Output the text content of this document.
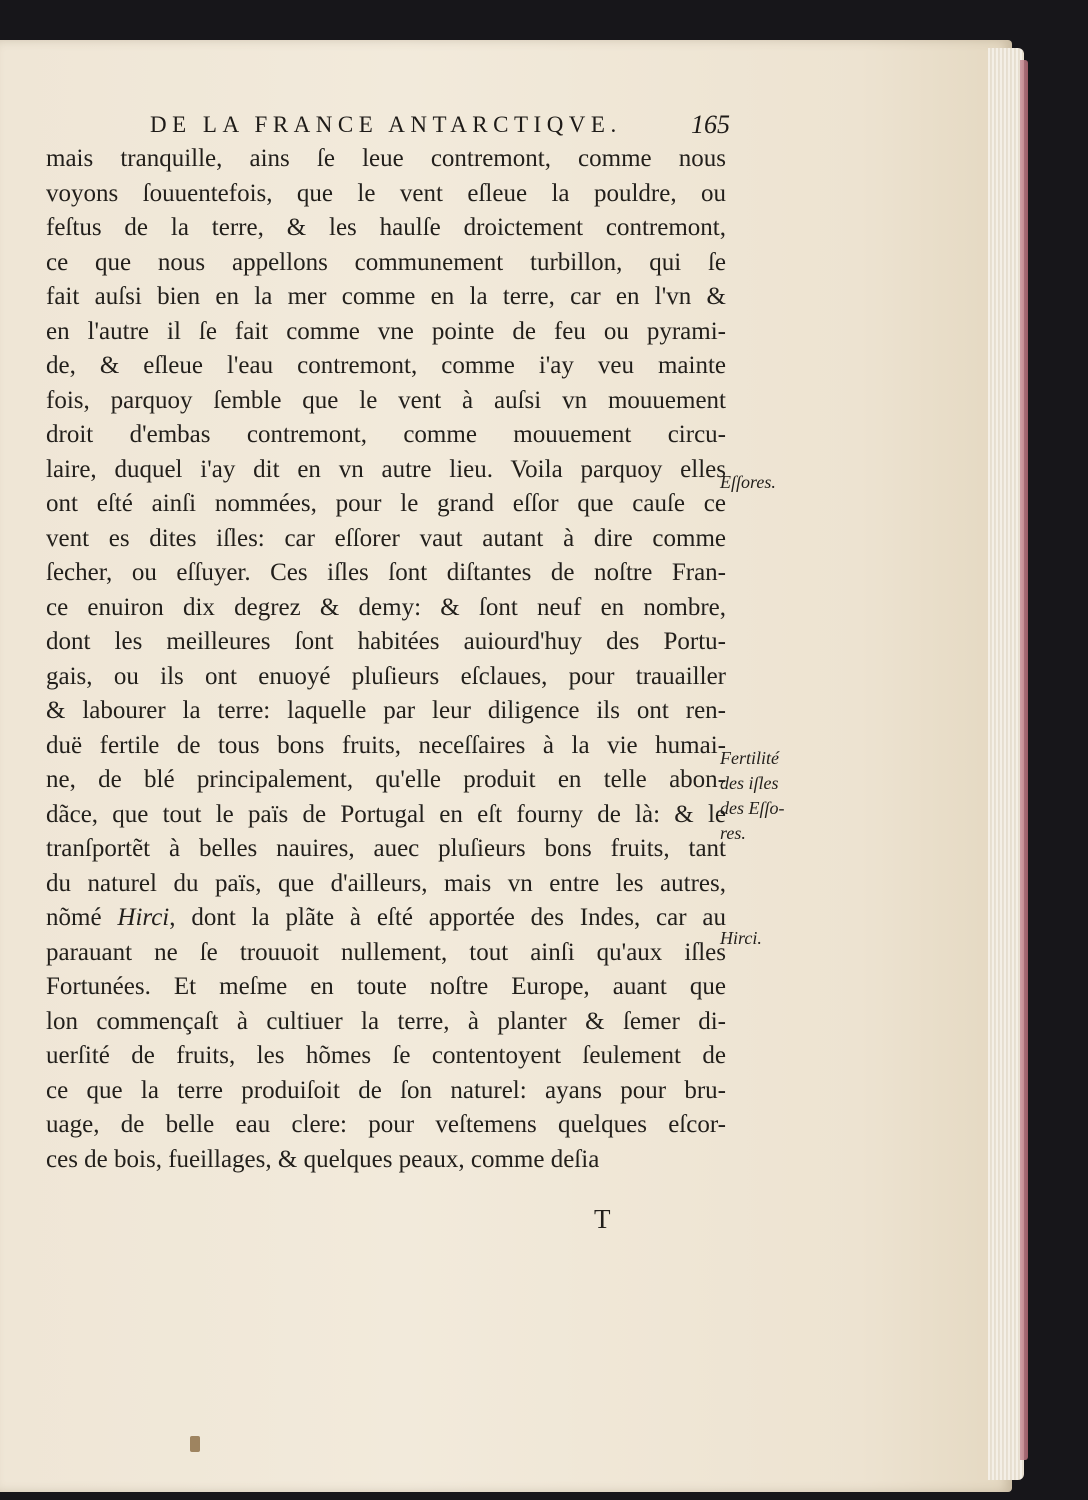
DE LA FRANCE ANTARCTIQVE.	165
mais tranquille, ains ſe leue contremont, comme nous
voyons ſouuentefois, que le vent eſleue la pouldre, ou
feſtus de la terre, & les haulſe droictement contremont,
ce que nous appellons communement turbillon, qui ſe
fait auſsi bien en la mer comme en la terre, car en l'vn &
en l'autre il ſe fait comme vne pointe de feu ou pyrami-
de, & eſleue l'eau contremont, comme i'ay veu mainte
fois, parquoy ſemble que le vent à auſsi vn mouuement
droit d'embas contremont, comme mouuement circu-
laire, duquel i'ay dit en vn autre lieu. Voila parquoy elles
ont eſté ainſi nommées, pour le grand eſſor que cauſe ce
vent es dites iſles: car eſſorer vaut autant à dire comme
ſecher, ou eſſuyer. Ces iſles ſont diſtantes de noſtre Fran-
ce enuiron dix degrez & demy: & ſont neuf en nombre,
dont les meilleures ſont habitées auiourd'huy des Portu-
gais, ou ils ont enuoyé pluſieurs eſclaues, pour trauailler
& labourer la terre: laquelle par leur diligence ils ont ren-
duë fertile de tous bons fruits, neceſſaires à la vie humai-
ne, de blé principalement, qu'elle produit en telle abon-
dãce, que tout le païs de Portugal en eſt fourny de là: & le
tranſportẽt à belles nauires, auec pluſieurs bons fruits, tant
du naturel du païs, que d'ailleurs, mais vn entre les autres,
nõmé Hirci, dont la plãte à eſté apportée des Indes, car au
parauant ne ſe trouuoit nullement, tout ainſi qu'aux iſles
Fortunées. Et meſme en toute noſtre Europe, auant que
lon commençaſt à cultiuer la terre, à planter & ſemer di-
uerſité de fruits, les hõmes ſe contentoyent ſeulement de
ce que la terre produiſoit de ſon naturel: ayans pour bru-
uage, de belle eau clere: pour veſtemens quelques eſcor-
ces de bois, fueillages, & quelques peaux, comme deſia
Eſſores.
Fertilité des iſles des Eſſo- res.
Hirci.
T
